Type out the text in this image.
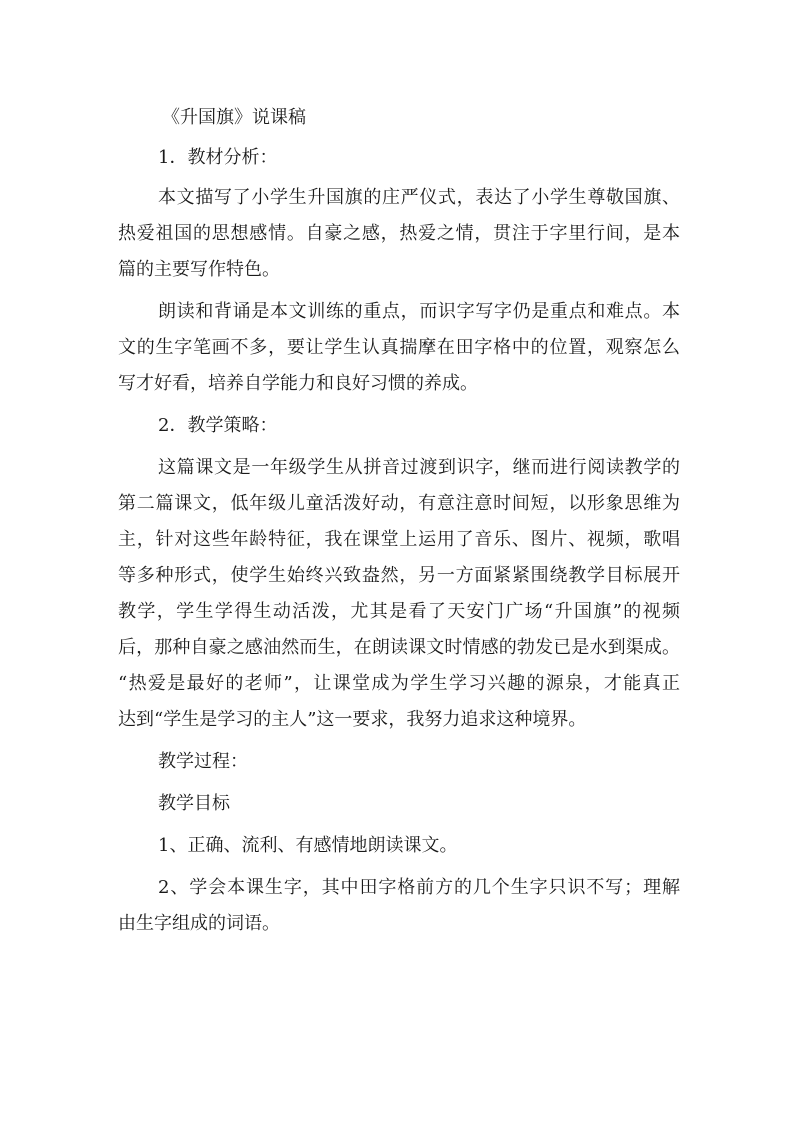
《升国旗》说课稿

1．教材分析：

本文描写了小学生升国旗的庄严仪式，表达了小学生尊敬国旗、

热爱祖国的思想感情。自豪之感，热爱之情，贯注于字里行间，是本

篇的主要写作特色。

朗读和背诵是本文训练的重点，而识字写字仍是重点和难点。本

文的生字笔画不多，要让学生认真揣摩在田字格中的位置，观察怎么

写才好看，培养自学能力和良好习惯的养成。

2．教学策略：

这篇课文是一年级学生从拼音过渡到识字，继而进行阅读教学的

第二篇课文，低年级儿童活泼好动，有意注意时间短，以形象思维为

主，针对这些年龄特征，我在课堂上运用了音乐、图片、视频，歌唱

等多种形式，使学生始终兴致盎然，另一方面紧紧围绕教学目标展开

教学，学生学得生动活泼，尤其是看了天安门广场“升国旗”的视频

后，那种自豪之感油然而生，在朗读课文时情感的勃发已是水到渠成。

“热爱是最好的老师”，让课堂成为学生学习兴趣的源泉，才能真正

达到“学生是学习的主人”这一要求，我努力追求这种境界。

教学过程：

教学目标

1、正确、流利、有感情地朗读课文。

2、学会本课生字，其中田字格前方的几个生字只识不写；理解

由生字组成的词语。
